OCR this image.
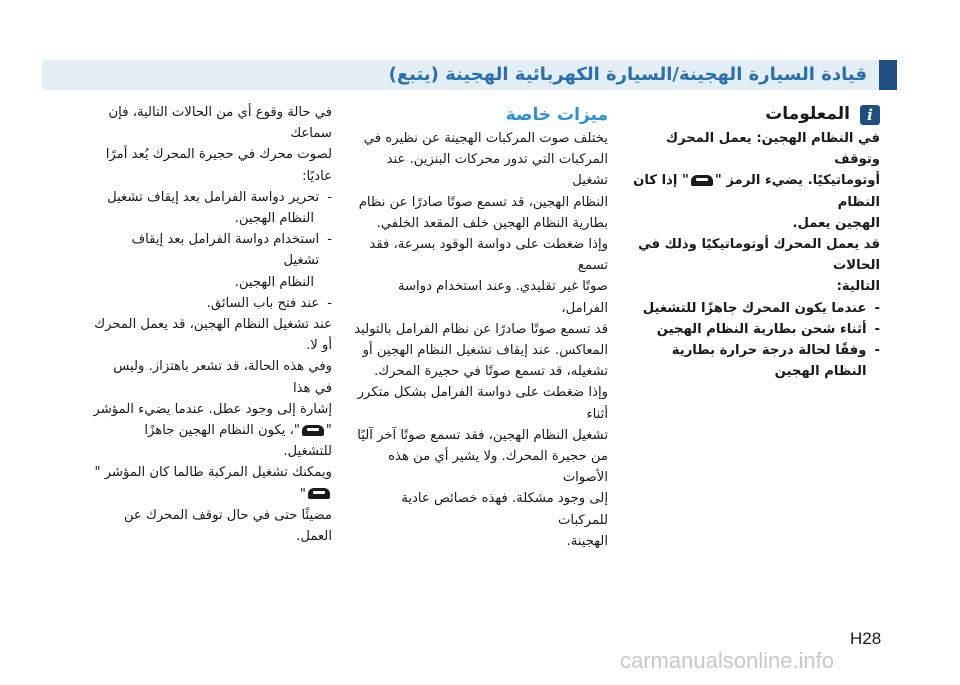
قيادة السيارة الهجينة/السيارة الكهربائية الهجينة (يتبع)
i
المعلومات

في النظام الهجين: يعمل المحرك وتوقف

أوتوماتيكيًا. يضيء الرمز "" إذا كان النظام

الهجين يعمل.

قد يعمل المحرك أوتوماتيكيًا وذلك في الحالات

التالية:

-
عندما يكون المحرك جاهزًا للتشغيل
-
أثناء شحن بطارية النظام الهجين
-
وفقًا لحالة درجة حرارة بطارية النظام الهجين
ميزات خاصة

يختلف صوت المركبات الهجينة عن نظيره في

المركبات التي تدور محركات البنزين. عند تشغيل

النظام الهجين، قد تسمع صوتًا صادرًا عن نظام

بطارية النظام الهجين خلف المقعد الخلفي.

وإذا ضغطت على دواسة الوقود بسرعة، فقد تسمع

صوتًا غير تقليدي. وعند استخدام دواسة الفرامل،

قد تسمع صوتًا صادرًا عن نظام الفرامل بالتوليد

المعاكس. عند إيقاف تشغيل النظام الهجين أو

تشغيله، قد تسمع صوتًا في حجيرة المحرك.

وإذا ضغطت على دواسة الفرامل بشكل متكرر أثناء

تشغيل النظام الهجين، فقد تسمع صوتًا آخر آليًا

من حجيرة المحرك. ولا يشير أي من هذه الأصوات

إلى وجود مشكلة. فهذه خصائص عادية للمركبات

الهجينة.

في حالة وقوع أي من الحالات التالية، فإن سماعك

لصوت محرك في حجيرة المحرك يُعد أمرًا عاديًا:

-
تحرير دواسة الفرامل بعد إيقاف تشغيل

النظام الهجين.

-
استخدام دواسة الفرامل بعد إيقاف تشغيل

النظام الهجين.

-
عند فتح باب السائق.

عند تشغيل النظام الهجين، قد يعمل المحرك أو لا.

وفي هذه الحالة، قد تشعر باهتزاز. وليس في هذا

إشارة إلى وجود عطل. عندما يضيء المؤشر

""، يكون النظام الهجين جاهزًا للتشغيل.

ويمكنك تشغيل المركبة طالما كان المؤشر ""

مضيئًا حتى في حال توقف المحرك عن العمل.

H28
carmanualsonline.info
